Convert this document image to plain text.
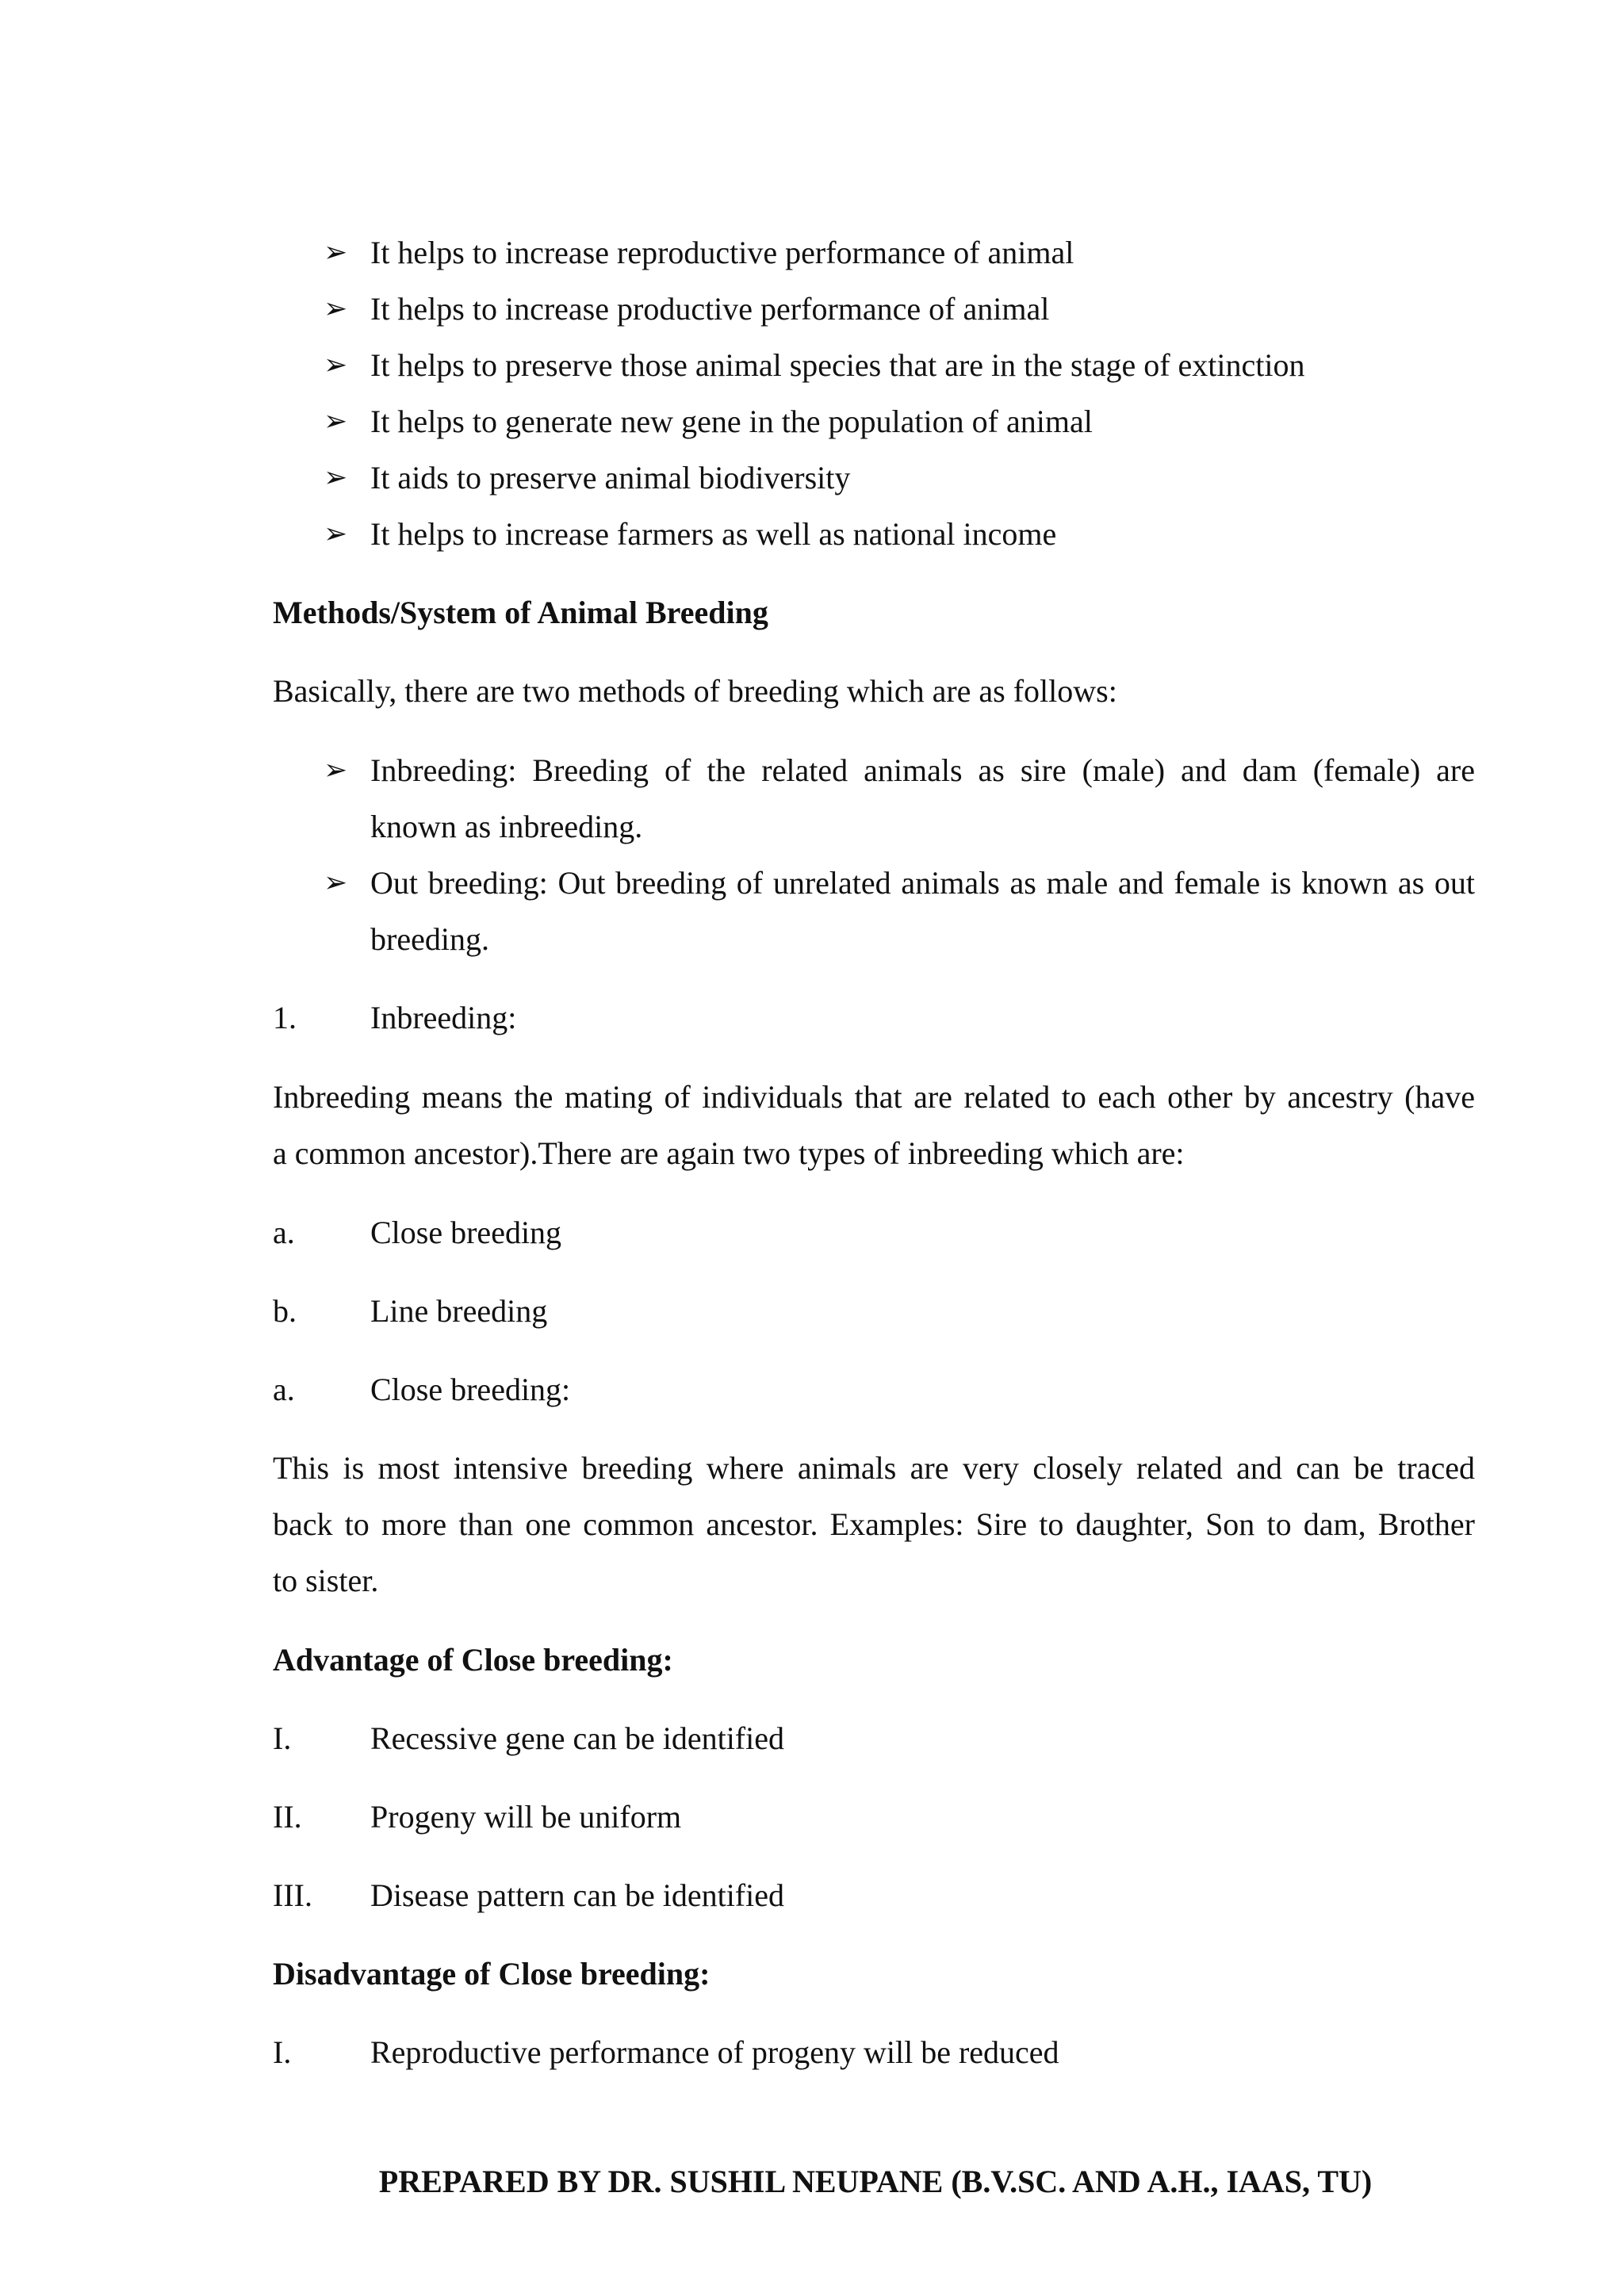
➢ It helps to increase reproductive performance of animal
➢ It helps to increase productive performance of animal
➢ It helps to preserve those animal species that are in the stage of extinction
➢ It helps to generate new gene in the population of animal
➢ It aids to preserve animal biodiversity
➢ It helps to increase farmers as well as national income
Methods/System of Animal Breeding
Basically, there are two methods of breeding which are as follows:
➢ Inbreeding: Breeding of the related animals as sire (male) and dam (female) are
known as inbreeding.
➢ Out breeding: Out breeding of unrelated animals as male and female is known as out
breeding.
1. Inbreeding:
Inbreeding means the mating of individuals that are related to each other by ancestry (have
a common ancestor).There are again two types of inbreeding which are:
a. Close breeding
b. Line breeding
a. Close breeding:
This is most intensive breeding where animals are very closely related and can be traced
back to more than one common ancestor. Examples: Sire to daughter, Son to dam, Brother
to sister.
Advantage of Close breeding:
I. Recessive gene can be identified
II. Progeny will be uniform
III. Disease pattern can be identified
Disadvantage of Close breeding:
I. Reproductive performance of progeny will be reduced
PREPARED BY DR. SUSHIL NEUPANE (B.V.SC. AND A.H., IAAS, TU)
